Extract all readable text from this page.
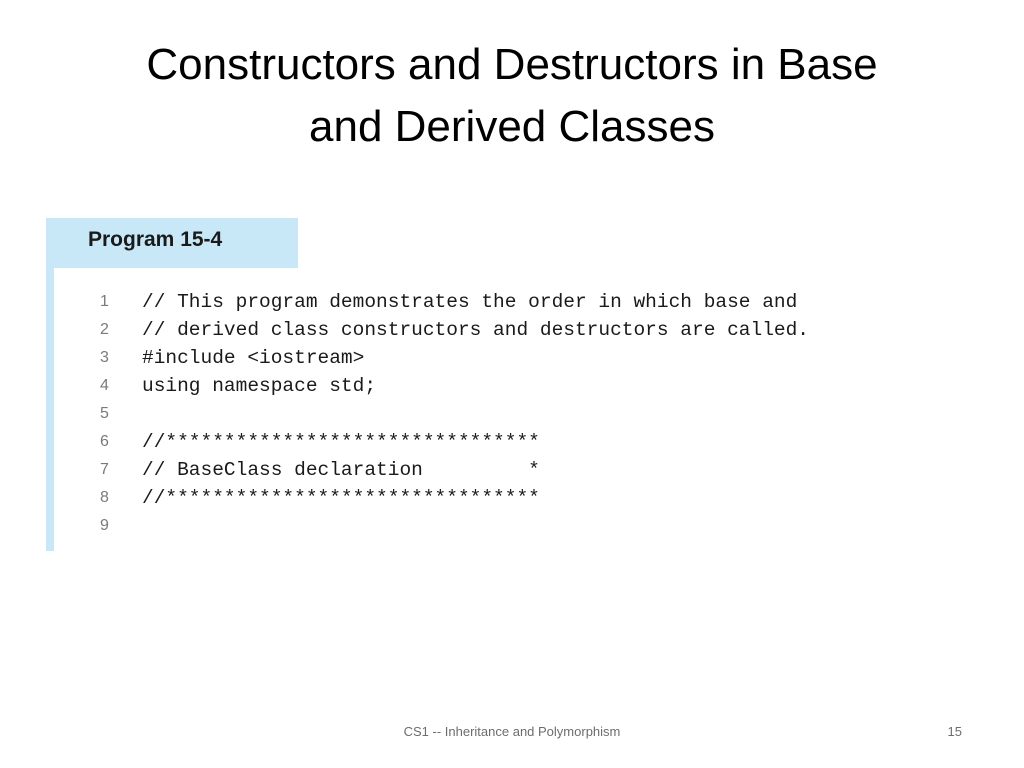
Constructors and Destructors in Base
and Derived Classes
Program 15-4

1

// This program demonstrates the order in which base and

2

// derived class constructors and destructors are called.

3

#include <iostream>

4

using namespace std;

5

6

//********************************

7

// BaseClass declaration         *

8

//********************************

9

CS1 -- Inheritance and Polymorphism	15
